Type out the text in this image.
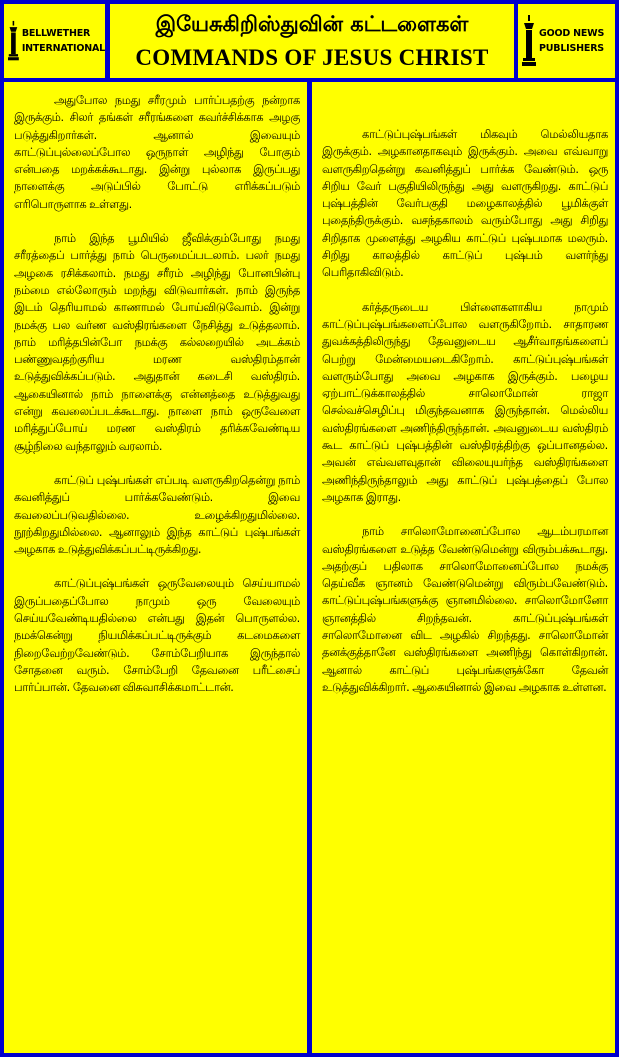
BELLWETHER
INTERNATIONAL
இயேசுகிறிஸ்துவின் கட்டளைகள்
COMMANDS OF JESUS CHRIST
GOOD NEWS
PUBLISHERS

அதுபோல நமது சரீரமும் பார்ப்பதற்கு நன்றாக இருக்கும். சிலர் தங்கள் சரீரங்களை கவர்ச்சிக்காக அழகு படுத்துகிறார்கள். ஆனால் இவையும் காட்டுப்புல்லைப்போல ஒருநாள் அழிந்து போகும் என்பதை மறக்கக்கூடாது. இன்று புல்லாக இருப்பது நாளைக்கு அடுப்பில் போட்டு எரிக்கப்படும் எரிபொருளாக உள்ளது.

நாம் இந்த பூமியில் ஜீவிக்கும்போது நமது சரீரத்தைப் பார்த்து நாம் பெருமைப்படலாம். பலர் நமது அழகை ரசிக்கலாம். நமது சரீரம் அழிந்து போனபின்பு நம்மை எல்லோரும் மறந்து விடுவார்கள். நாம் இருந்த இடம் தெரியாமல் காணாமல் போய்விடுவோம். இன்று நமக்கு பல வர்ண வஸ்திரங்களை நேசித்து உடுத்தலாம். நாம் மரித்தபின்போ நமக்கு கல்லறையில் அடக்கம் பண்ணுவதற்குரிய மரண வஸ்திரம்தான் உடுத்துவிக்கப்படும். அதுதான் கடைசி வஸ்திரம். ஆகையினால் நாம் நாளைக்கு என்னத்தை உடுத்துவது என்று கவலைப்படக்கூடாது. நாளை நாம் ஒருவேளை மரித்துப்போய் மரண வஸ்திரம் தரிக்கவேண்டிய சூழ்நிலை வந்தாலும் வரலாம்.

காட்டுப் புஷ்பங்கள் எப்படி வளருகிறதென்று நாம் கவனித்துப் பார்க்கவேண்டும். இவை கவலைப்படுவதில்லை. உழைக்கிறதுமில்லை. நூற்கிறதுமில்லை. ஆனாலும் இந்த காட்டுப் புஷ்பங்கள் அழகாக உடுத்துவிக்கப்பட்டிருக்கிறது.

காட்டுப்புஷ்பங்கள் ஒருவேலையும் செய்யாமல் இருப்பதைப்போல நாமும் ஒரு வேலையும் செய்யவேண்டியதில்லை என்பது இதன் பொருளல்ல. நமக்கென்று நியமிக்கப்பட்டிருக்கும் கடமைகளை நிறைவேற்றவேண்டும். சோம்பேறியாக இருந்தால் சோதனை வரும். சோம்பேறி தேவனை பரீட்சைப் பார்ப்பான். தேவனை விசுவாசிக்கமாட்டான்.

காட்டுப்புஷ்பங்கள் மிகவும் மெல்லியதாக இருக்கும். அழகானதாகவும் இருக்கும். அவை எவ்வாறு வளருகிறதென்று கவனித்துப் பார்க்க வேண்டும். ஒரு சிறிய வேர் பகுதியிலிருந்து அது வளருகிறது. காட்டுப் புஷ்பத்தின் வேர்பகுதி மழைகாலத்தில் பூமிக்குள் புதைந்திருக்கும். வசந்தகாலம் வரும்போது அது சிறிது சிறிதாக முளைத்து அழகிய காட்டுப் புஷ்பமாக மலரும். சிறிது காலத்தில் காட்டுப் புஷ்பம் வளர்ந்து பெரிதாகிவிடும்.

கர்த்தருடைய பிள்ளைகளாகிய நாமும் காட்டுப்புஷ்பங்களைப்போல வளருகிறோம். சாதாரண துவக்கத்திலிருந்து தேவனுடைய ஆசீர்வாதங்களைப் பெற்று மேன்மையடைகிறோம். காட்டுப்புஷ்பங்கள் வளரும்போது அவை அழகாக இருக்கும். பழைய ஏற்பாட்டுக்காலத்தில் சாலொமோன் ராஜா செல்வச்செழிப்பு மிகுந்தவனாக இருந்தான். மெல்லிய வஸ்திரங்களை அணிந்திருந்தான். அவனுடைய வஸ்திரம் கூட காட்டுப் புஷ்பத்தின் வஸ்திரத்திற்கு ஒப்பானதல்ல. அவன் எவ்வளவுதான் விலையுயர்ந்த வஸ்திரங்களை அணிந்திருந்தாலும் அது காட்டுப் புஷ்பத்தைப் போல அழகாக இராது.

நாம் சாலொமோனைப்போல ஆடம்பரமான வஸ்திரங்களை உடுத்த வேண்டுமென்று விரும்பக்கூடாது. அதற்குப் பதிலாக சாலொமோனைப்போல நமக்கு தெய்வீக ஞானம் வேண்டுமென்று விரும்பவேண்டும். காட்டுப்புஷ்பங்களுக்கு ஞானமில்லை. சாலொமோனோ ஞானத்தில் சிறந்தவன். காட்டுப்புஷ்பங்கள் சாலொமோனை விட அழகில் சிறந்தது. சாலொமோன் தனக்குத்தானே வஸ்திரங்களை அணிந்து கொள்கிறான். ஆனால் காட்டுப் புஷ்பங்களுக்கோ தேவன் உடுத்துவிக்கிறார். ஆகையினால் இவை அழகாக உள்ளன.
